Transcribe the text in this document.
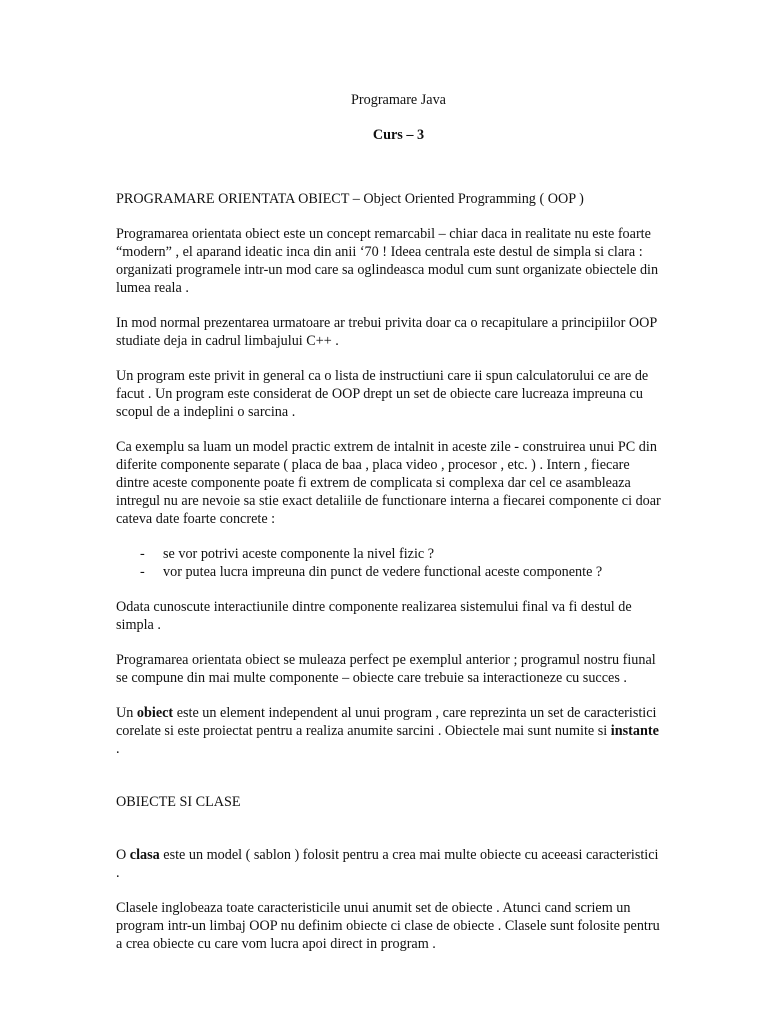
Programare Java

Curs – 3

PROGRAMARE ORIENTATA OBIECT – Object Oriented Programming ( OOP )

Programarea orientata obiect este un concept remarcabil – chiar daca in realitate nu este foarte “modern” , el aparand ideatic inca din anii ‘70 ! Ideea centrala este destul de simpla si clara : organizati programele intr-un mod care sa oglindeasca modul cum sunt organizate obiectele din lumea reala .

In mod normal prezentarea urmatoare ar trebui privita doar ca o recapitulare a principiilor OOP studiate deja in cadrul limbajului C++ .

Un program este privit in general ca o lista de instructiuni care ii spun calculatorului ce are de facut . Un program este considerat de OOP drept un set de obiecte care lucreaza impreuna cu scopul de a indeplini o sarcina .

Ca exemplu sa luam un model practic extrem de intalnit in aceste zile - construirea unui PC din diferite componente separate ( placa de baa , placa video , procesor , etc. ) . Intern , fiecare dintre aceste componente poate fi extrem de complicata si complexa dar cel ce asambleaza intregul nu are nevoie sa stie exact detaliile de functionare interna a fiecarei componente ci doar cateva date foarte concrete :

- se vor potrivi aceste componente la nivel fizic ?
- vor putea lucra impreuna din punct de vedere functional aceste componente ?

Odata cunoscute interactiunile dintre componente realizarea sistemului final va fi destul de simpla .

Programarea orientata obiect se muleaza perfect pe exemplul anterior ; programul nostru fiunal se compune din mai multe componente – obiecte care trebuie sa interactioneze cu succes .

Un obiect este un element independent al unui program , care reprezinta un set de caracteristici corelate si este proiectat pentru a realiza anumite sarcini . Obiectele mai sunt numite si instante .

OBIECTE SI CLASE

O clasa este un model ( sablon ) folosit pentru a crea mai multe obiecte cu aceeasi caracteristici .

Clasele inglobeaza toate caracteristicile unui anumit set de obiecte . Atunci cand scriem un program intr-un limbaj OOP nu definim obiecte ci clase de obiecte . Clasele sunt folosite pentru a crea obiecte cu care vom lucra apoi direct in program .
